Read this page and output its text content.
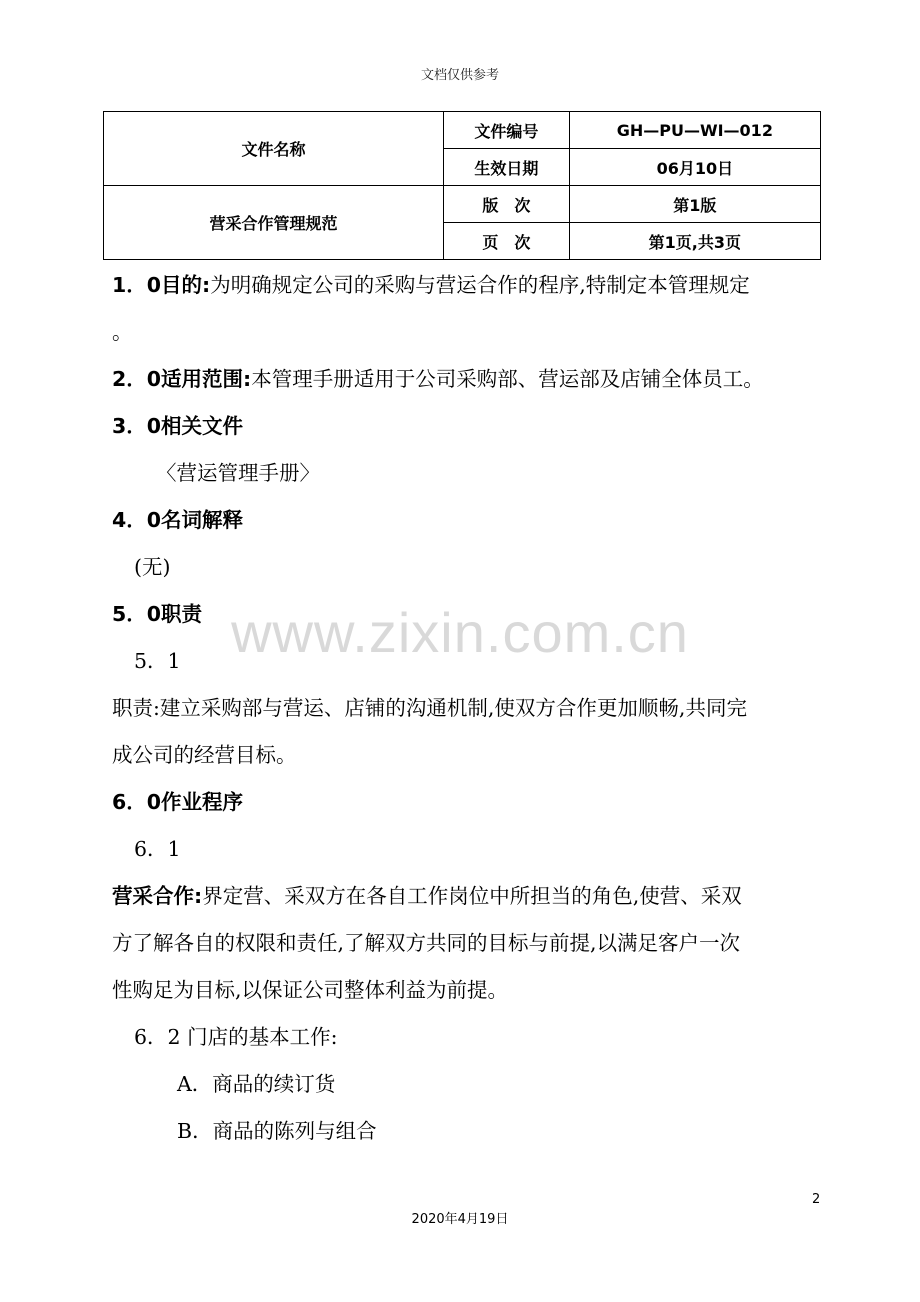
文档仅供参考
www.zixin.com.cn
文件名称	文件编号	GH—PU—WI—012
	生效日期	06月10日
营采合作管理规范	版　次	第1版
	页　次	第1页,共3页
1．0目的:为明确规定公司的采购与营运合作的程序,特制定本管理规定
。
2．0适用范围:本管理手册适用于公司采购部、营运部及店铺全体员工。
3．0相关文件
〈营运管理手册〉
4．0名词解释
(无)
5．0职责
5．1
职责:建立采购部与营运、店铺的沟通机制,使双方合作更加顺畅,共同完
成公司的经营目标。
6．0作业程序
6．1
营采合作:界定营、采双方在各自工作岗位中所担当的角色,使营、采双
方了解各自的权限和责任,了解双方共同的目标与前提,以满足客户一次
性购足为目标,以保证公司整体利益为前提。
6．2 门店的基本工作:
A．商品的续订货
B．商品的陈列与组合
2
2020年4月19日
